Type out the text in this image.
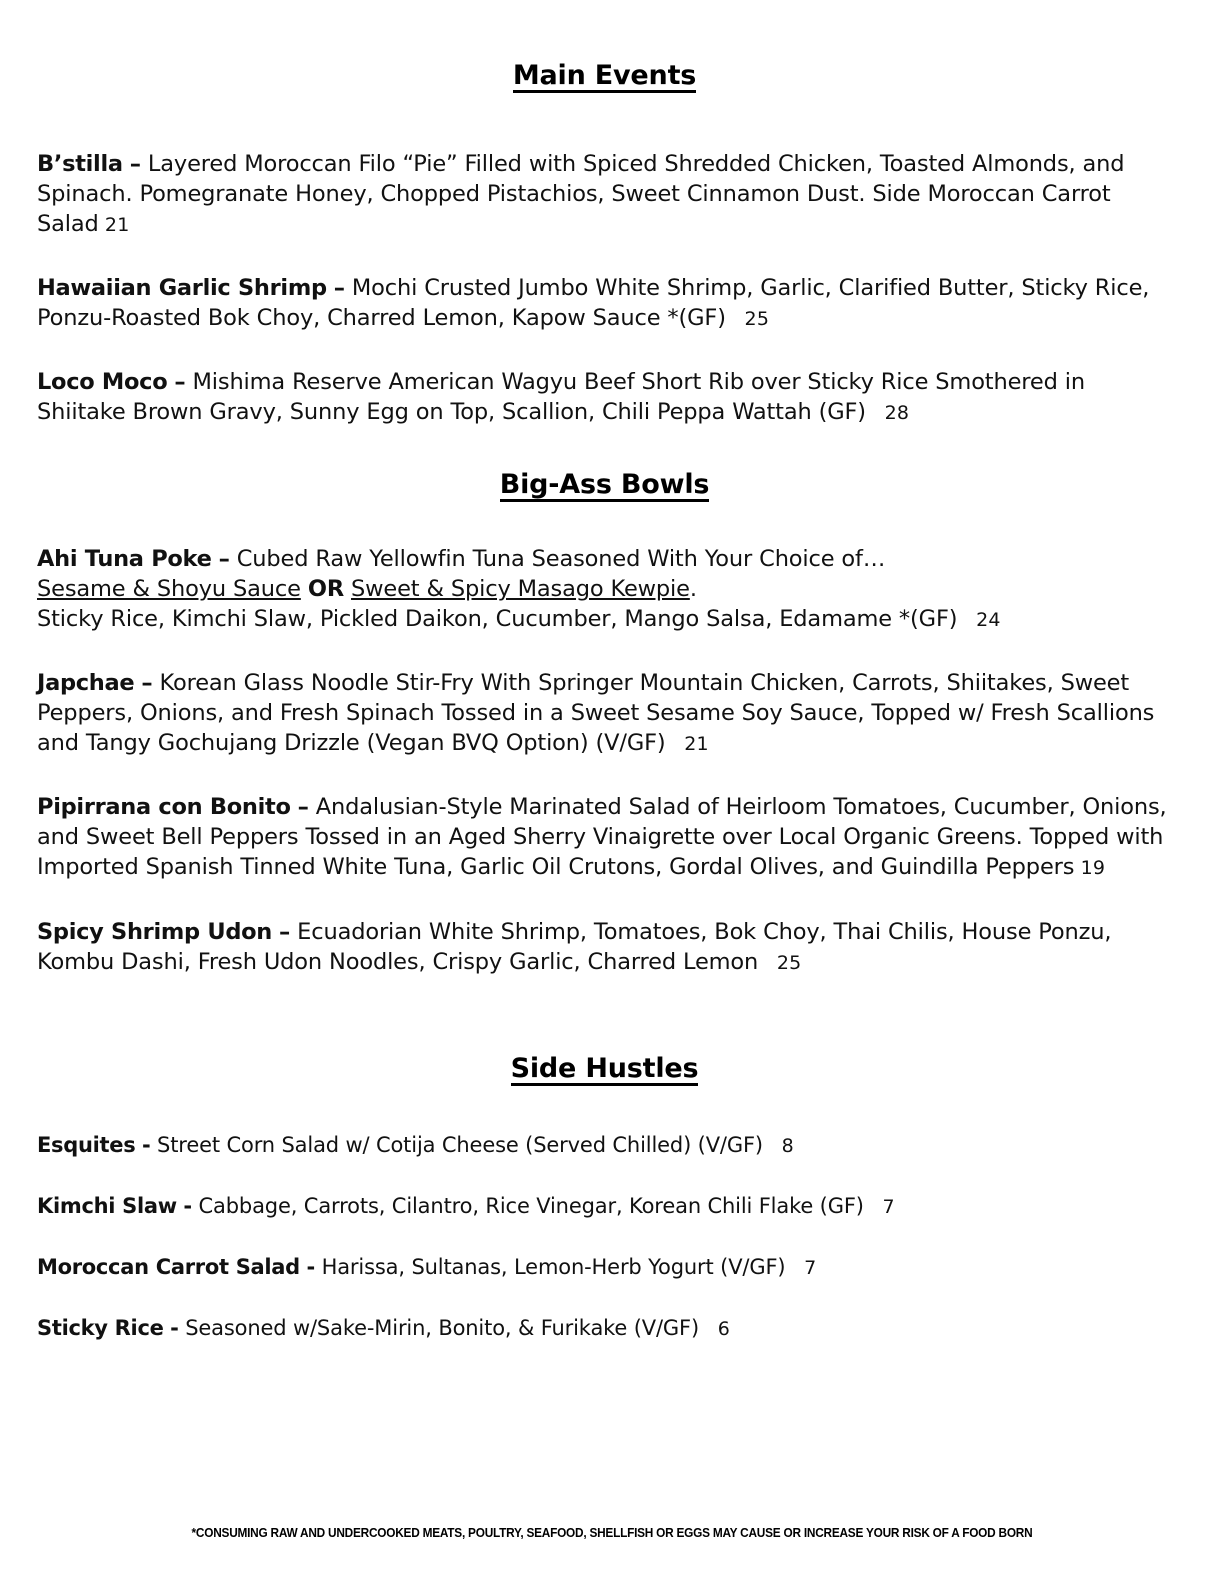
Main Events
B’stilla – Layered Moroccan Filo “Pie” Filled with Spiced Shredded Chicken, Toasted Almonds, and Spinach. Pomegranate Honey, Chopped Pistachios, Sweet Cinnamon Dust. Side Moroccan Carrot Salad 21
Hawaiian Garlic Shrimp – Mochi Crusted Jumbo White Shrimp, Garlic, Clarified Butter, Sticky Rice, Ponzu-Roasted Bok Choy, Charred Lemon, Kapow Sauce *(GF) 25
Loco Moco – Mishima Reserve American Wagyu Beef Short Rib over Sticky Rice Smothered in Shiitake Brown Gravy, Sunny Egg on Top, Scallion, Chili Peppa Wattah (GF) 28
Big-Ass Bowls
Ahi Tuna Poke – Cubed Raw Yellowfin Tuna Seasoned With Your Choice of…
Sesame & Shoyu Sauce OR Sweet & Spicy Masago Kewpie.
Sticky Rice, Kimchi Slaw, Pickled Daikon, Cucumber, Mango Salsa, Edamame *(GF) 24
Japchae – Korean Glass Noodle Stir-Fry With Springer Mountain Chicken, Carrots, Shiitakes, Sweet Peppers, Onions, and Fresh Spinach Tossed in a Sweet Sesame Soy Sauce, Topped w/ Fresh Scallions and Tangy Gochujang Drizzle (Vegan BVQ Option) (V/GF) 21
Pipirrana con Bonito – Andalusian-Style Marinated Salad of Heirloom Tomatoes, Cucumber, Onions, and Sweet Bell Peppers Tossed in an Aged Sherry Vinaigrette over Local Organic Greens. Topped with Imported Spanish Tinned White Tuna, Garlic Oil Crutons, Gordal Olives, and Guindilla Peppers 19
Spicy Shrimp Udon – Ecuadorian White Shrimp, Tomatoes, Bok Choy, Thai Chilis, House Ponzu, Kombu Dashi, Fresh Udon Noodles, Crispy Garlic, Charred Lemon 25
Side Hustles
Esquites - Street Corn Salad w/ Cotija Cheese (Served Chilled) (V/GF) 8
Kimchi Slaw - Cabbage, Carrots, Cilantro, Rice Vinegar, Korean Chili Flake (GF) 7
Moroccan Carrot Salad - Harissa, Sultanas, Lemon-Herb Yogurt (V/GF) 7
Sticky Rice - Seasoned w/Sake-Mirin, Bonito, & Furikake (V/GF) 6
*CONSUMING RAW AND UNDERCOOKED MEATS, POULTRY, SEAFOOD, SHELLFISH OR EGGS MAY CAUSE OR INCREASE YOUR RISK OF A FOOD BORN
